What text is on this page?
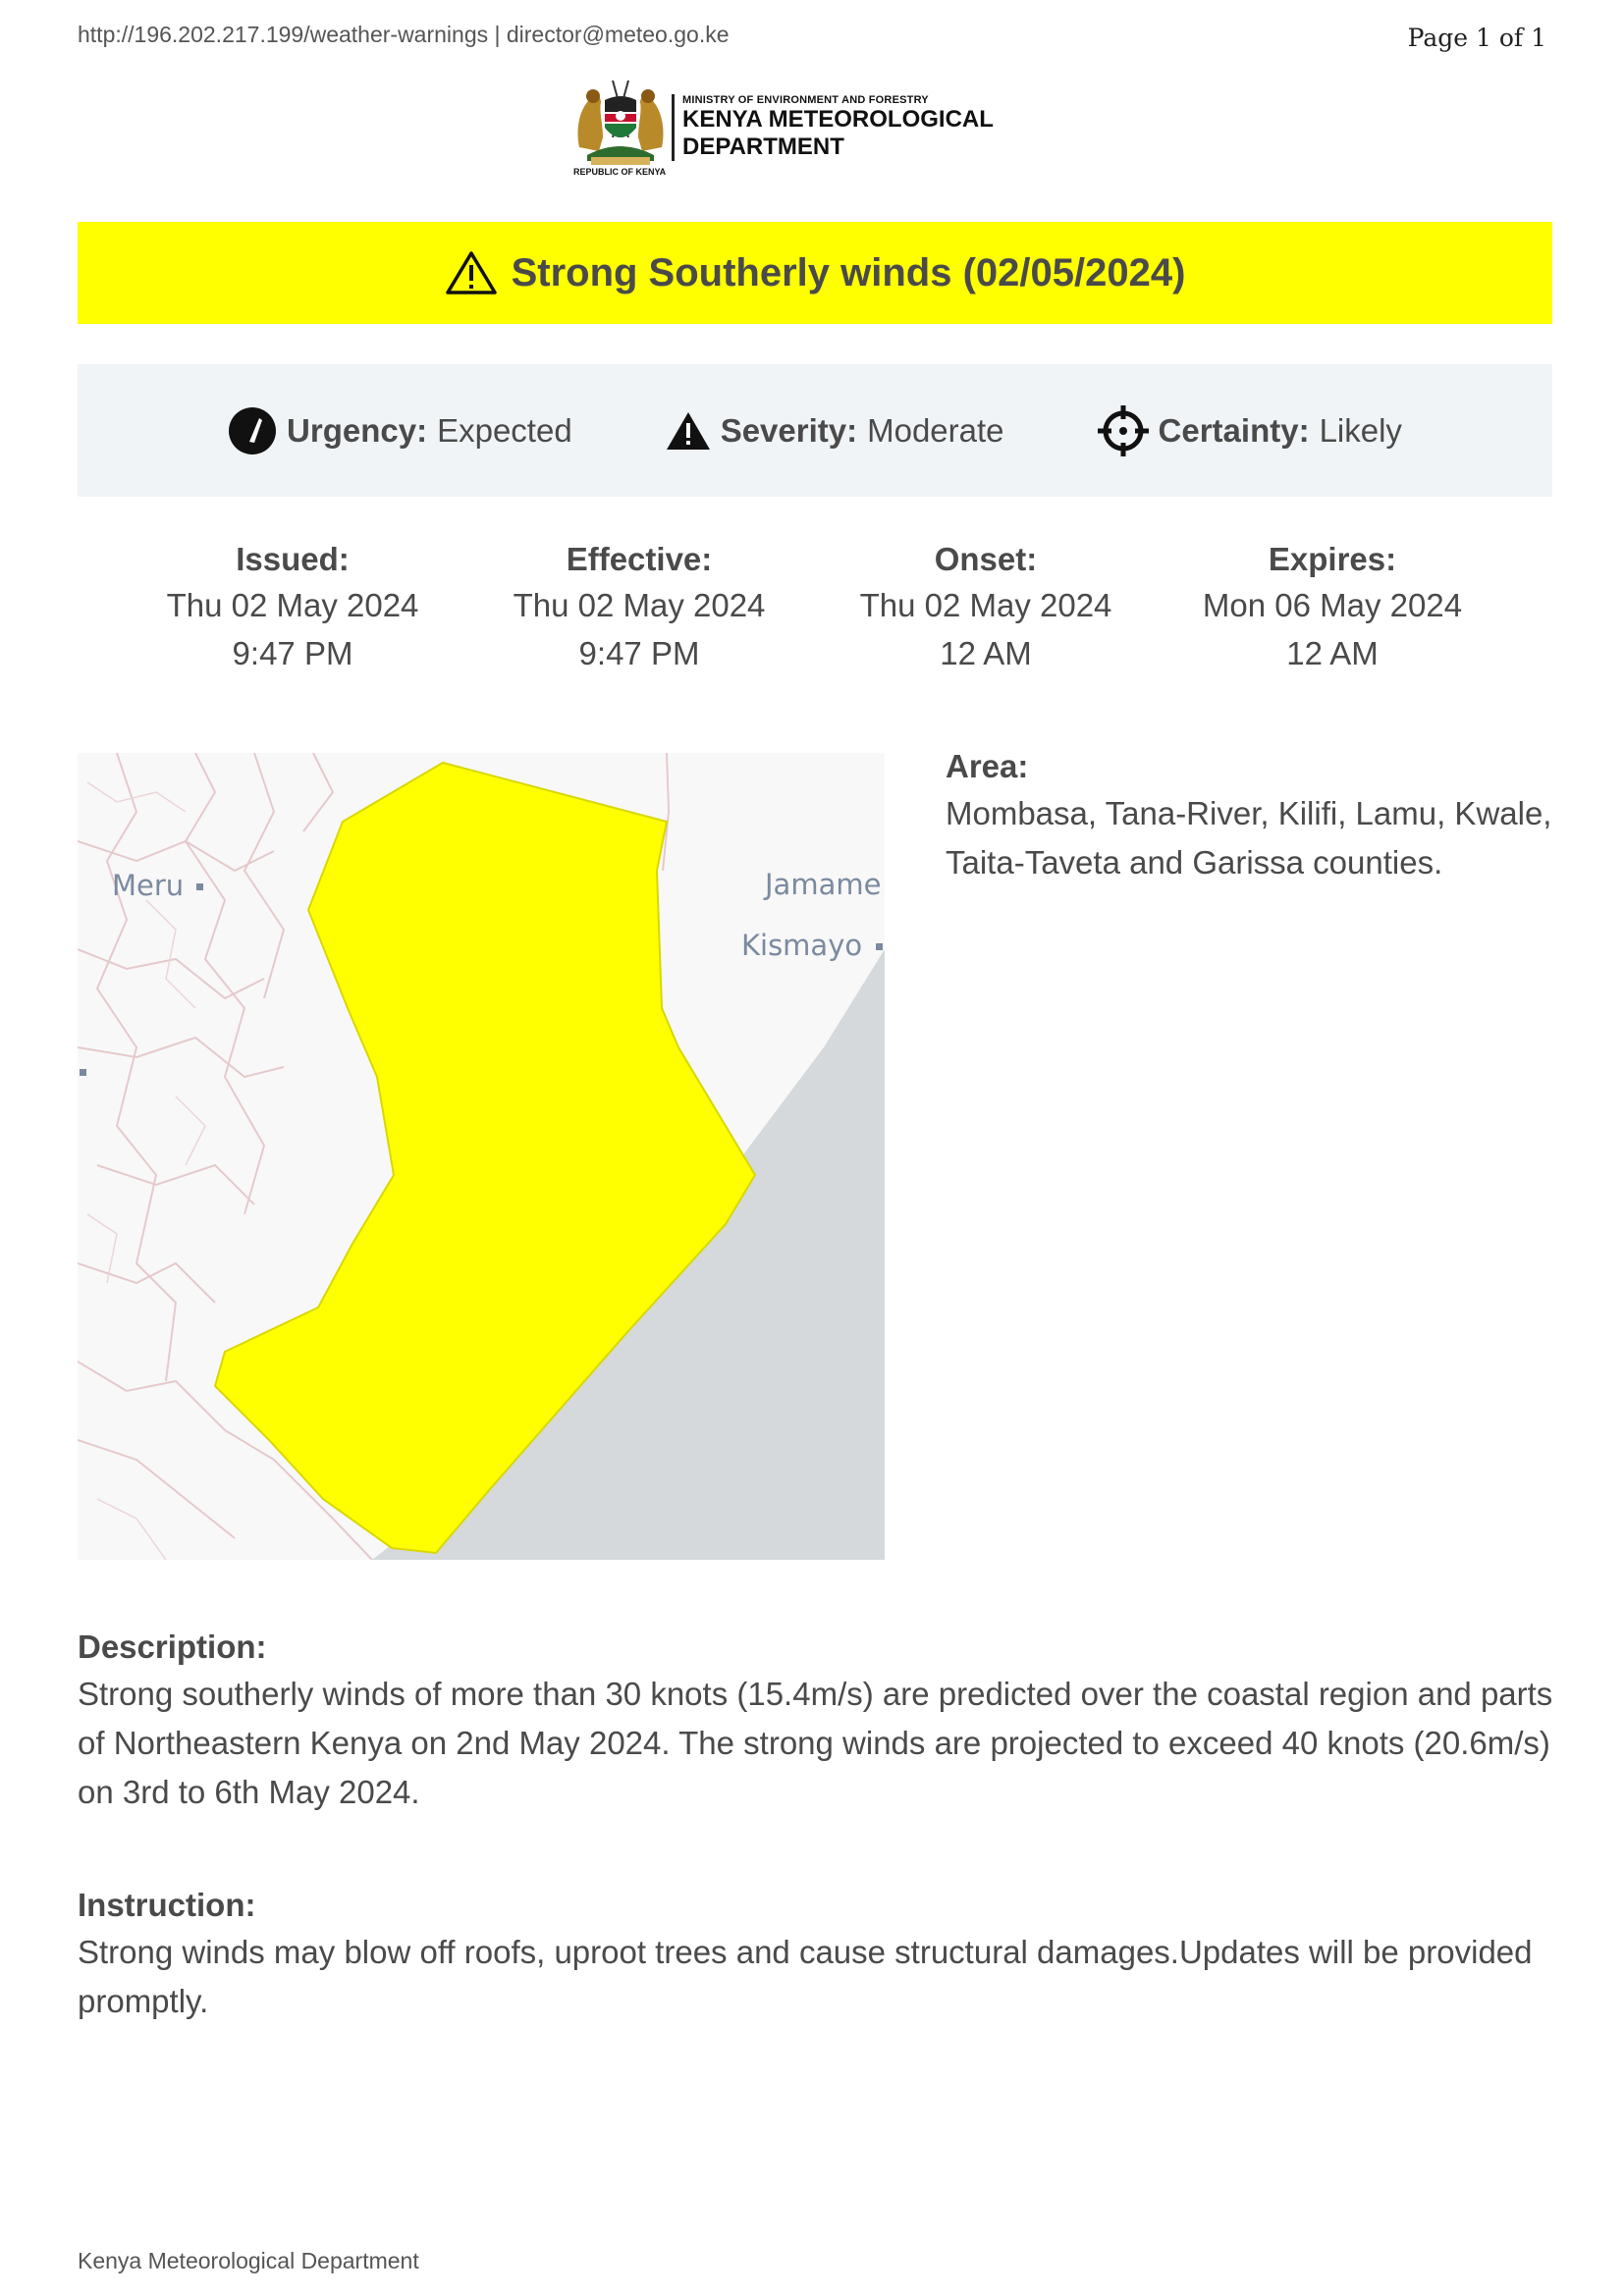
http://196.202.217.199/weather-warnings | director@meteo.go.ke	Page 1 of 1
MINISTRY OF ENVIRONMENT AND FORESTRY
KENYA METEOROLOGICAL
DEPARTMENT
REPUBLIC OF KENYA
Strong Southerly winds (02/05/2024)
Urgency: Expected	Severity: Moderate	Certainty: Likely
Issued:
Thu 02 May 2024
9:47 PM
Effective:
Thu 02 May 2024
9:47 PM
Onset:
Thu 02 May 2024
12 AM
Expires:
Mon 06 May 2024
12 AM
Meru	Jamame
Kismayo
Area:
Mombasa, Tana-River, Kilifi, Lamu, Kwale, Taita-Taveta and Garissa counties.
Description:
Strong southerly winds of more than 30 knots (15.4m/s) are predicted over the coastal region and parts of Northeastern Kenya on 2nd May 2024. The strong winds are projected to exceed 40 knots (20.6m/s) on 3rd to 6th May 2024.
Instruction:
Strong winds may blow off roofs, uproot trees and cause structural damages.Updates will be provided promptly.
Kenya Meteorological Department
